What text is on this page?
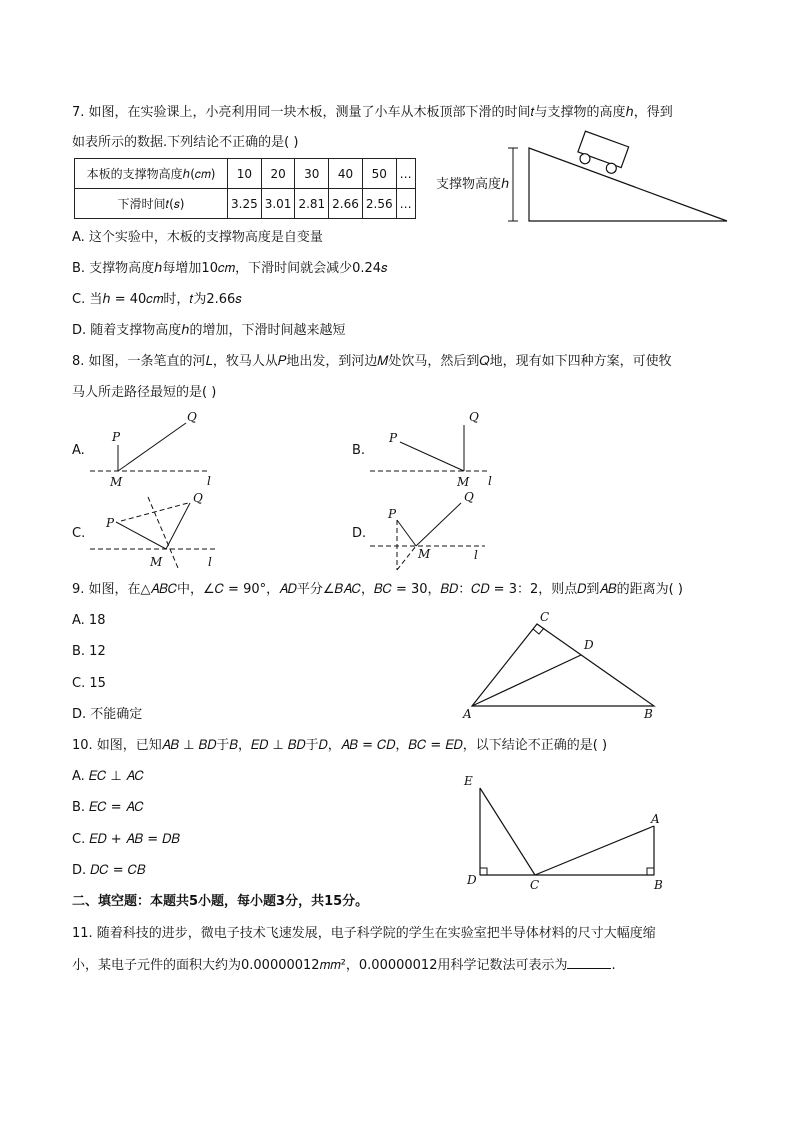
7. 如图，在实验课上，小亮利用同一块木板，测量了小车从木板顶部下滑的时间𝑡与支撑物的高度ℎ，得到
如表所示的数据.下列结论不正确的是( )
本板的支撑物高度ℎ(𝑐𝑚)	10	20	30	40	50	…
下滑时间𝑡(𝑠)	3.25	3.01	2.81	2.66	2.56	…
支撑物高度ℎ
A. 这个实验中，木板的支撑物高度是自变量
B. 支撑物高度ℎ每增加10𝑐𝑚，下滑时间就会减少0.24𝑠
C. 当ℎ = 40𝑐𝑚时，𝑡为2.66𝑠
D. 随着支撑物高度ℎ的增加，下滑时间越来越短
8. 如图，一条笔直的河𝐿，牧马人从𝑃地出发，到河边𝑀处饮马，然后到𝑄地，现有如下四种方案，可使牧
马人所走路径最短的是( )
A.	B.
C.	D.
P
Q
M	l
P
Q
M l
P
Q
M	l
P
Q
M	l
9. 如图，在△𝐴𝐵𝐶中，∠𝐶 = 90°，𝐴𝐷平分∠𝐵𝐴𝐶，𝐵𝐶 = 30，𝐵𝐷：𝐶𝐷 = 3：2，则点𝐷到𝐴𝐵的距离为( )
A. 18
B. 12
C. 15
D. 不能确定
C
D
A	B
10. 如图，已知𝐴𝐵 ⊥ 𝐵𝐷于𝐵，𝐸𝐷 ⊥ 𝐵𝐷于𝐷，𝐴𝐵 = 𝐶𝐷，𝐵𝐶 = 𝐸𝐷，以下结论不正确的是( )
A. 𝐸𝐶 ⊥ 𝐴𝐶
B. 𝐸𝐶 = 𝐴𝐶
C. 𝐸𝐷 + 𝐴𝐵 = 𝐷𝐵
D. 𝐷𝐶 = 𝐶𝐵
E
A
D	C	B
二、填空题：本题共5小题，每小题3分，共15分。
11. 随着科技的进步，微电子技术飞速发展，电子科学院的学生在实验室把半导体材料的尺寸大幅度缩
小，某电子元件的面积大约为0.00000012𝑚𝑚²，0.00000012用科学记数法可表示为	.
